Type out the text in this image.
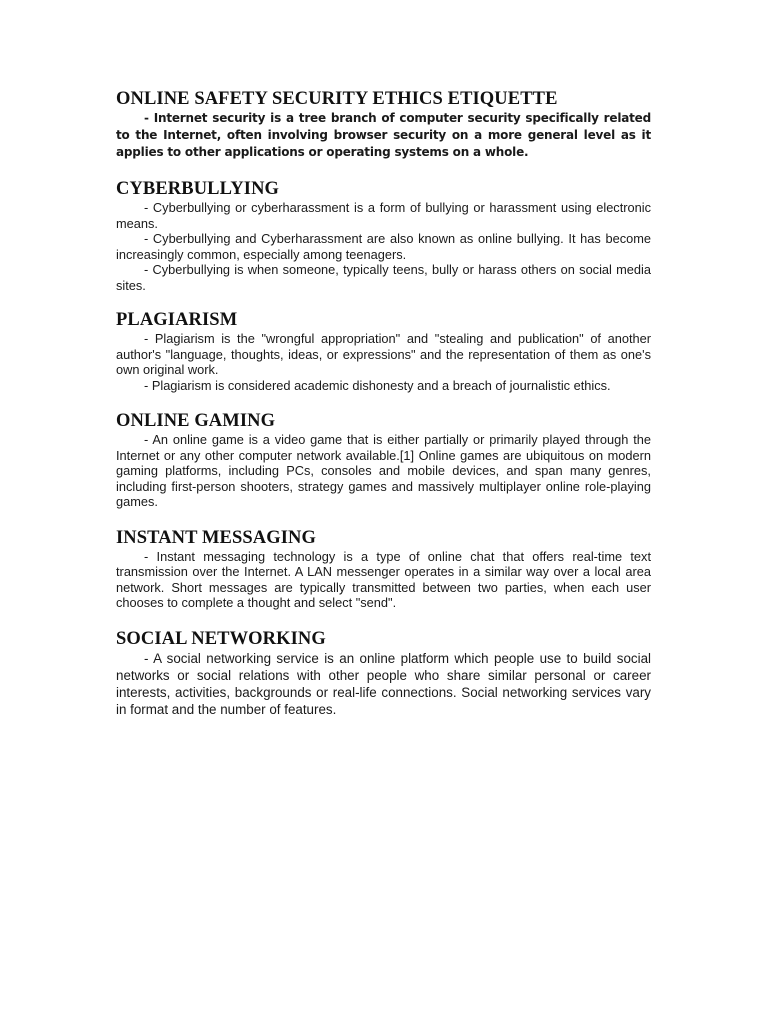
ONLINE SAFETY SECURITY ETHICS ETIQUETTE

- Internet security is a tree branch of computer security specifically related to the Internet, often involving browser security on a more general level as it applies to other applications or operating systems on a whole.

CYBERBULLYING

- Cyberbullying or cyberharassment is a form of bullying or harassment using electronic means.

- Cyberbullying and Cyberharassment are also known as online bullying. It has become increasingly common, especially among teenagers.

- Cyberbullying is when someone, typically teens, bully or harass others on social media sites.

PLAGIARISM

- Plagiarism is the "wrongful appropriation" and "stealing and publication" of another author's "language, thoughts, ideas, or expressions" and the representation of them as one's own original work.

- Plagiarism is considered academic dishonesty and a breach of journalistic ethics.

ONLINE GAMING

- An online game is a video game that is either partially or primarily played through the Internet or any other computer network available.[1] Online games are ubiquitous on modern gaming platforms, including PCs, consoles and mobile devices, and span many genres, including first-person shooters, strategy games and massively multiplayer online role-playing games.

INSTANT MESSAGING

- Instant messaging technology is a type of online chat that offers real-time text transmission over the Internet. A LAN messenger operates in a similar way over a local area network. Short messages are typically transmitted between two parties, when each user chooses to complete a thought and select "send".

SOCIAL NETWORKING

- A social networking service is an online platform which people use to build social networks or social relations with other people who share similar personal or career interests, activities, backgrounds or real-life connections. Social networking services vary in format and the number of features.
